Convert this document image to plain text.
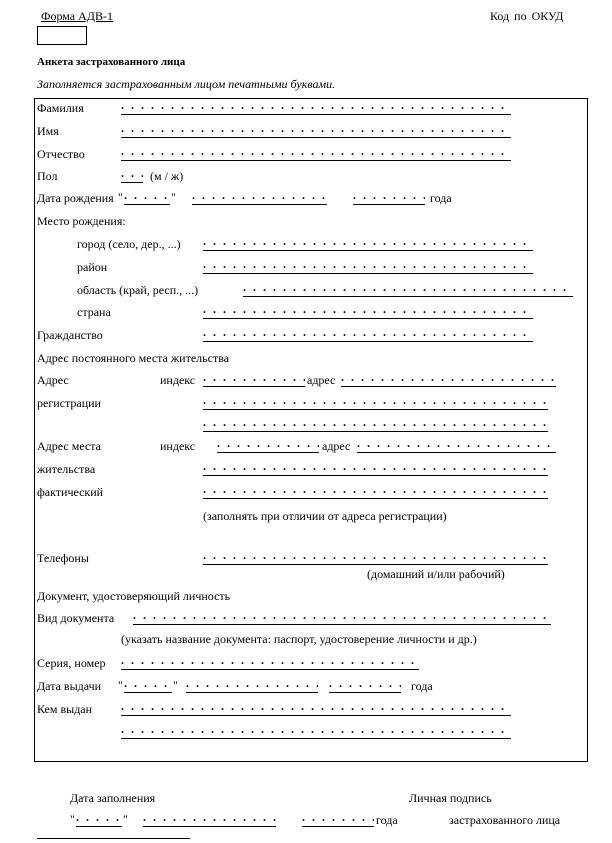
Форма АДВ-1	Код по ОКУД
Анкета застрахованного лица
Заполняется застрахованным лицом печатными буквами.
Фамилия
. . .
Имя
. . .
Отчество
. . .
Пол . . .	(м / ж)
Дата рождения " . . .	" . . . . . .	года
Место рождения:
город (село, дер., ...)
. . .
район
. . .
область (край, респ., ...)
. . .
страна
. . .
Гражданство
. . .
Адрес постоянного места жительства
Адрес
регистрации
индекс . . .	адрес
. . .
. . .
. . .
Адрес места
жительства
фактический
индекс . . .	адрес
. . .
. . .
. . .
(заполнять при отличии от адреса регистрации)
Телефоны
. . .
(домашний и/или рабочий)
Документ, удостоверяющий личность
Вид документа
. . .
(указать название документа: паспорт, удостоверение личности и др.)
Серия, номер
. . .
Дата выдачи " . . .	" . . . . . .	года
Кем выдан
. . .
. . .
Дата заполнения	Личная подпись
" . . .	" . . . . . .	года	застрахованного лица
